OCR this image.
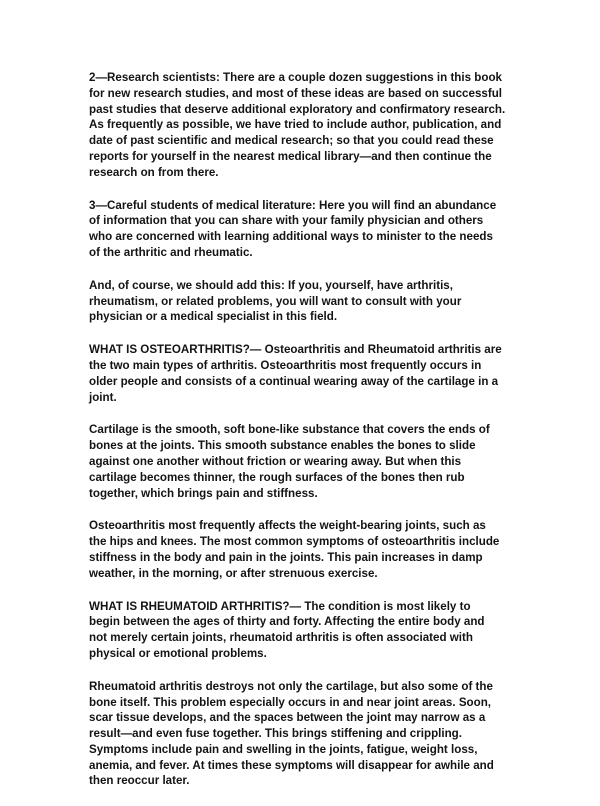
2—Research scientists: There are a couple dozen suggestions in this book
for new research studies, and most of these ideas are based on successful
past studies that deserve additional exploratory and confirmatory research.
As frequently as possible, we have tried to include author, publication, and
date of past scientific and medical research; so that you could read these
reports for yourself in the nearest medical library—and then continue the
research on from there.

3—Careful students of medical literature: Here you will find an abundance
of information that you can share with your family physician and others
who are concerned with learning additional ways to minister to the needs
of the arthritic and rheumatic.

And, of course, we should add this: If you, yourself, have arthritis,
rheumatism, or related problems, you will want to consult with your
physician or a medical specialist in this field.

WHAT IS OSTEOARTHRITIS?— Osteoarthritis and Rheumatoid arthritis are
the two main types of arthritis. Osteoarthritis most frequently occurs in
older people and consists of a continual wearing away of the cartilage in a
joint.

Cartilage is the smooth, soft bone-like substance that covers the ends of
bones at the joints. This smooth substance enables the bones to slide
against one another without friction or wearing away. But when this
cartilage becomes thinner, the rough surfaces of the bones then rub
together, which brings pain and stiffness.

Osteoarthritis most frequently affects the weight-bearing joints, such as
the hips and knees. The most common symptoms of osteoarthritis include
stiffness in the body and pain in the joints. This pain increases in damp
weather, in the morning, or after strenuous exercise.

WHAT IS RHEUMATOID ARTHRITIS?— The condition is most likely to
begin between the ages of thirty and forty. Affecting the entire body and
not merely certain joints, rheumatoid arthritis is often associated with
physical or emotional problems.

Rheumatoid arthritis destroys not only the cartilage, but also some of the
bone itself. This problem especially occurs in and near joint areas. Soon,
scar tissue develops, and the spaces between the joint may narrow as a
result—and even fuse together. This brings stiffening and crippling.
Symptoms include pain and swelling in the joints, fatigue, weight loss,
anemia, and fever. At times these symptoms will disappear for awhile and
then reoccur later.
